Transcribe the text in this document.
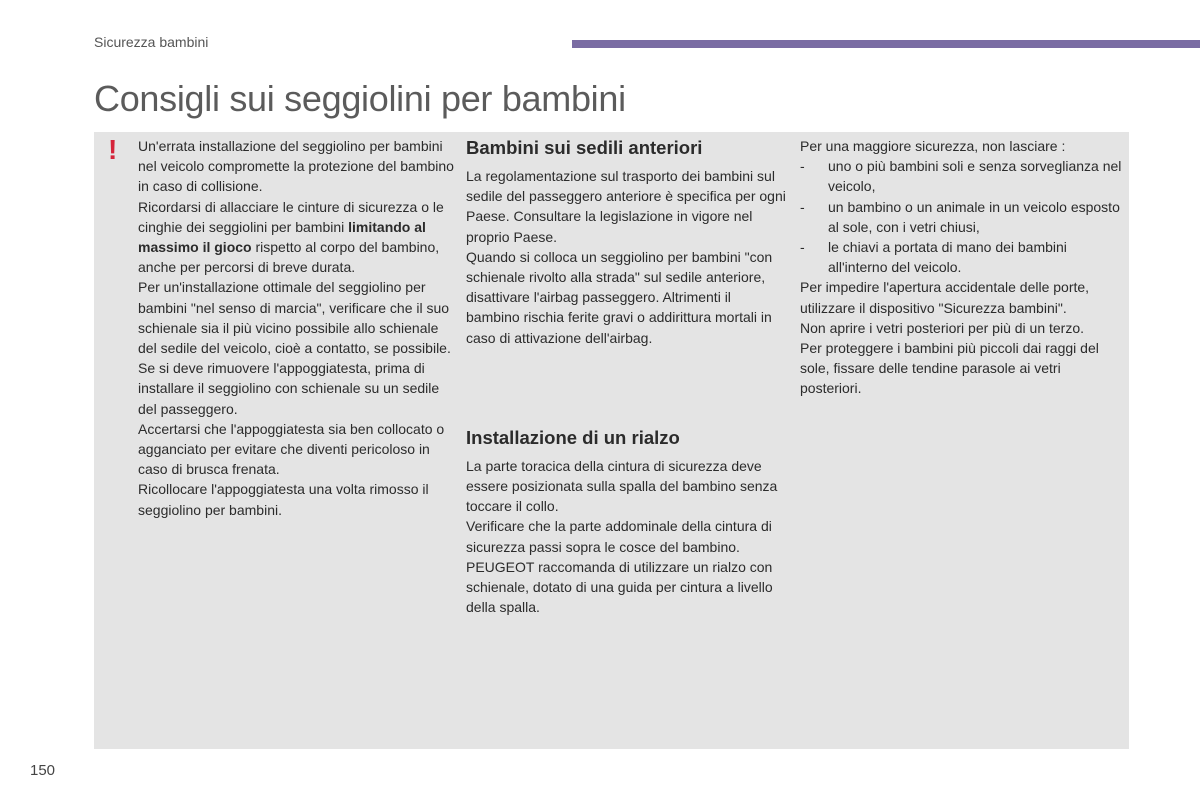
Sicurezza bambini
Consigli sui seggiolini per bambini
! Un'errata installazione del seggiolino per bambini nel veicolo compromette la protezione del bambino in caso di collisione.

Ricordarsi di allacciare le cinture di sicurezza o le cinghie dei seggiolini per bambini limitando al massimo il gioco rispetto al corpo del bambino, anche per percorsi di breve durata.

Per un'installazione ottimale del seggiolino per bambini "nel senso di marcia", verificare che il suo schienale sia il più vicino possibile allo schienale del sedile del veicolo, cioè a contatto, se possibile.

Se si deve rimuovere l'appoggiatesta, prima di installare il seggiolino con schienale su un sedile del passeggero.

Accertarsi che l'appoggiatesta sia ben collocato o agganciato per evitare che diventi pericoloso in caso di brusca frenata.

Ricollocare l'appoggiatesta una volta rimosso il seggiolino per bambini.

Bambini sui sedili anteriori

La regolamentazione sul trasporto dei bambini sul sedile del passeggero anteriore è specifica per ogni Paese. Consultare la legislazione in vigore nel proprio Paese.

Quando si colloca un seggiolino per bambini "con schienale rivolto alla strada" sul sedile anteriore, disattivare l'airbag passeggero. Altrimenti il bambino rischia ferite gravi o addirittura mortali in caso di attivazione dell'airbag.

Installazione di un rialzo

La parte toracica della cintura di sicurezza deve essere posizionata sulla spalla del bambino senza toccare il collo.

Verificare che la parte addominale della cintura di sicurezza passi sopra le cosce del bambino.

PEUGEOT raccomanda di utilizzare un rialzo con schienale, dotato di una guida per cintura a livello della spalla.

Per una maggiore sicurezza, non lasciare :

- uno o più bambini soli e senza sorveglianza nel veicolo,
- un bambino o un animale in un veicolo esposto al sole, con i vetri chiusi,
- le chiavi a portata di mano dei bambini all'interno del veicolo.

Per impedire l'apertura accidentale delle porte, utilizzare il dispositivo "Sicurezza bambini".

Non aprire i vetri posteriori per più di un terzo.

Per proteggere i bambini più piccoli dai raggi del sole, fissare delle tendine parasole ai vetri posteriori.

150
